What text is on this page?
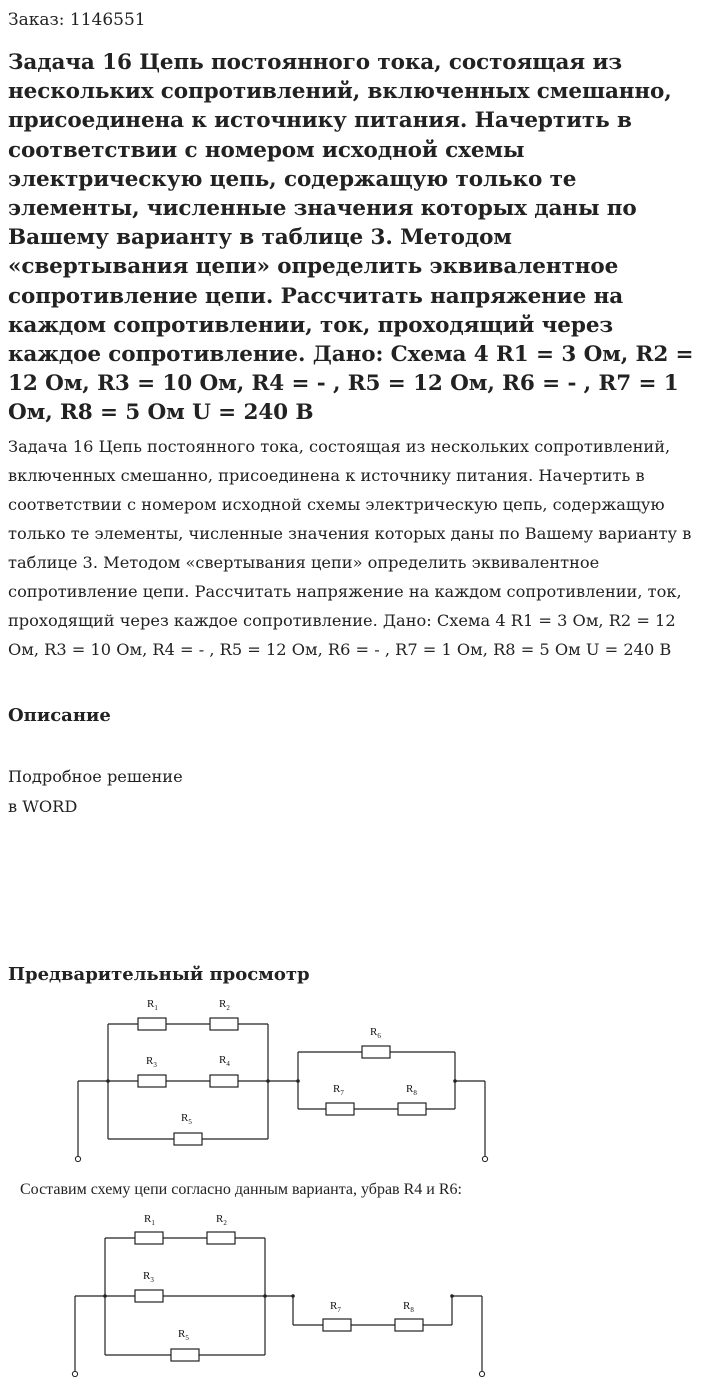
Заказ: 1146551
Задача 16 Цепь постоянного тока, состоящая из нескольких сопротивлений, включенных смешанно, присоединена к источнику питания. Начертить в соответствии с номером исходной схемы электрическую цепь, содержащую только те элементы, численные значения которых даны по Вашему варианту в таблице 3. Методом «свертывания цепи» определить эквивалентное сопротивление цепи. Рассчитать напряжение на каждом сопротивлении, ток, проходящий через каждое сопротивление. Дано: Схема 4 R1 = 3 Ом, R2 = 12 Ом, R3 = 10 Ом, R4 = - , R5 = 12 Ом, R6 = - , R7 = 1 Ом, R8 = 5 Ом U = 240 В

Задача 16 Цепь постоянного тока, состоящая из нескольких сопротивлений, включенных смешанно, присоединена к источнику питания. Начертить в соответствии с номером исходной схемы электрическую цепь, содержащую только те элементы, численные значения которых даны по Вашему варианту в таблице 3. Методом «свертывания цепи» определить эквивалентное сопротивление цепи. Рассчитать напряжение на каждом сопротивлении, ток, проходящий через каждое сопротивление. Дано: Схема 4 R1 = 3 Ом, R2 = 12 Ом, R3 = 10 Ом, R4 = - , R5 = 12 Ом, R6 = - , R7 = 1 Ом, R8 = 5 Ом U = 240 В

Описание
Подробное решение
в WORD
Предварительный просмотр
$R_1$	$R_2$
$R_3$	$R_4$
$R_5$
$R_6$
$R_7$	$R_8$
Составим схему цепи согласно данным варианта, убрав R4 и R6:
$R_1$	$R_2$
$R_3$
$R_5$
$R_7$	$R_8$
